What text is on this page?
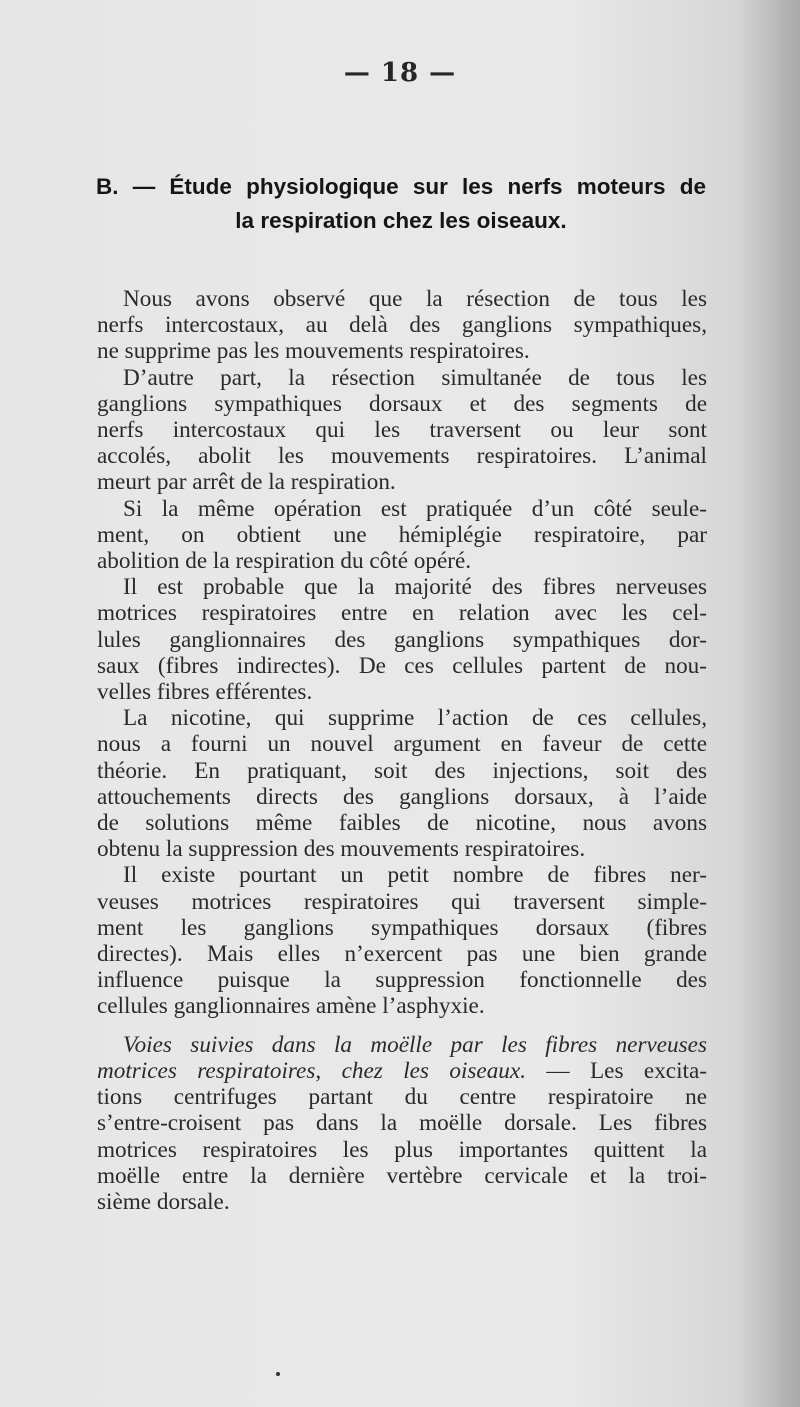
— 18 —
B. — Étude physiologique sur les nerfs moteurs de
la respiration chez les oiseaux.

Nous avons observé que la résection de tous les
nerfs intercostaux, au delà des ganglions sympathiques,
ne supprime pas les mouvements respiratoires.

D’autre part, la résection simultanée de tous les
ganglions sympathiques dorsaux et des segments de
nerfs intercostaux qui les traversent ou leur sont
accolés, abolit les mouvements respiratoires. L’animal
meurt par arrêt de la respiration.

Si la même opération est pratiquée d’un côté seule-
ment, on obtient une hémiplégie respiratoire, par
abolition de la respiration du côté opéré.

Il est probable que la majorité des fibres nerveuses
motrices respiratoires entre en relation avec les cel-
lules ganglionnaires des ganglions sympathiques dor-
saux (fibres indirectes). De ces cellules partent de nou-
velles fibres efférentes.

La nicotine, qui supprime l’action de ces cellules,
nous a fourni un nouvel argument en faveur de cette
théorie. En pratiquant, soit des injections, soit des
attouchements directs des ganglions dorsaux, à l’aide
de solutions même faibles de nicotine, nous avons
obtenu la suppression des mouvements respiratoires.

Il existe pourtant un petit nombre de fibres ner-
veuses motrices respiratoires qui traversent simple-
ment les ganglions sympathiques dorsaux (fibres
directes). Mais elles n’exercent pas une bien grande
influence puisque la suppression fonctionnelle des
cellules ganglionnaires amène l’asphyxie.

Voies suivies dans la moëlle par les fibres nerveuses
motrices respiratoires, chez les oiseaux. — Les excita-
tions centrifuges partant du centre respiratoire ne
s’entre-croisent pas dans la moëlle dorsale. Les fibres
motrices respiratoires les plus importantes quittent la
moëlle entre la dernière vertèbre cervicale et la troi-
sième dorsale.
